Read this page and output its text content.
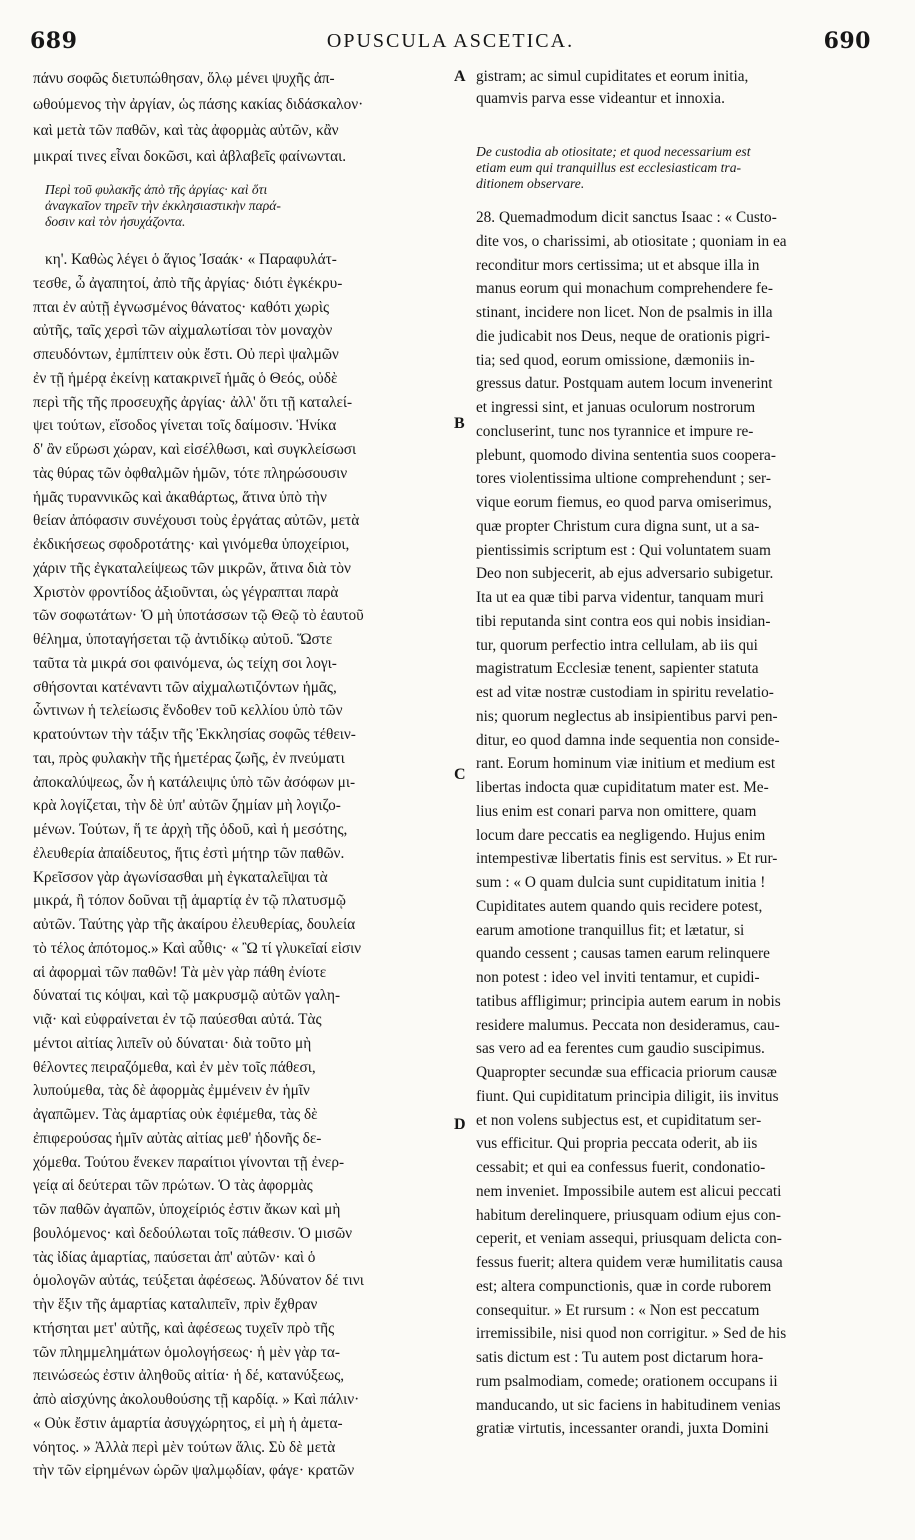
689	OPUSCULA ASCETICA.	690
πάνυ σοφῶς διετυπώθησαν, ὅλῳ μένει ψυχῆς ἀπ-
ωθούμενος τὴν ἀργίαν, ὡς πάσης κακίας διδάσκαλον·
καὶ μετὰ τῶν παθῶν, καὶ τὰς ἀφορμὰς αὐτῶν, κἂν
μικραί τινες εἶναι δοκῶσι, καὶ ἀβλαβεῖς φαίνωνται.
Περὶ τοῦ φυλακῆς ἀπὸ τῆς ἀργίας· καὶ ὅτι
ἀναγκαῖον τηρεῖν τὴν ἐκκλησιαστικὴν παρά-
δοσιν καὶ τὸν ἡσυχάζοντα.
κη'. Καθὼς λέγει ὁ ἅγιος Ἰσαάκ· « Παραφυλάτ-
τεσθε, ὦ ἀγαπητοί, ἀπὸ τῆς ἀργίας· διότι ἐγκέκρυ-
πται ἐν αὐτῇ ἐγνωσμένος θάνατος· καθότι χωρὶς
αὐτῆς, ταῖς χερσὶ τῶν αἰχμαλωτίσαι τὸν μοναχὸν
σπευδόντων, ἐμπίπτειν οὐκ ἔστι. Οὐ περὶ ψαλμῶν
ἐν τῇ ἡμέρᾳ ἐκείνῃ κατακρινεῖ ἡμᾶς ὁ Θεός, οὐδὲ
περὶ τῆς τῆς προσευχῆς ἀργίας· ἀλλ' ὅτι τῇ καταλεί-
ψει τούτων, εἴσοδος γίνεται τοῖς δαίμοσιν. Ἡνίκα
δ' ἂν εὕρωσι χώραν, καὶ εἰσέλθωσι, καὶ συγκλείσωσι
τὰς θύρας τῶν ὀφθαλμῶν ἡμῶν, τότε πληρώσουσιν
ἡμᾶς τυραννικῶς καὶ ἀκαθάρτως, ἅτινα ὑπὸ τὴν
θείαν ἀπόφασιν συνέχουσι τοὺς ἐργάτας αὐτῶν, μετὰ
ἐκδικήσεως σφοδροτάτης· καὶ γινόμεθα ὑποχείριοι,
χάριν τῆς ἐγκαταλείψεως τῶν μικρῶν, ἅτινα διὰ τὸν
Χριστὸν φροντίδος ἀξιοῦνται, ὡς γέγραπται παρὰ
τῶν σοφωτάτων· Ὁ μὴ ὑποτάσσων τῷ Θεῷ τὸ ἑαυτοῦ
θέλημα, ὑποταγήσεται τῷ ἀντιδίκῳ αὐτοῦ. Ὥστε
ταῦτα τὰ μικρά σοι φαινόμενα, ὡς τείχη σοι λογι-
σθήσονται κατέναντι τῶν αἰχμαλωτιζόντων ἡμᾶς,
ὧντινων ἡ τελείωσις ἔνδοθεν τοῦ κελλίου ὑπὸ τῶν
κρατούντων τὴν τάξιν τῆς Ἐκκλησίας σοφῶς τέθειν-
ται, πρὸς φυλακὴν τῆς ἡμετέρας ζωῆς, ἐν πνεύματι
ἀποκαλύψεως, ὧν ἡ κατάλειψις ὑπὸ τῶν ἀσόφων μι-
κρὰ λογίζεται, τὴν δὲ ὑπ' αὐτῶν ζημίαν μὴ λογιζο-
μένων. Τούτων, ἥ τε ἀρχὴ τῆς ὁδοῦ, καὶ ἡ μεσότης,
ἐλευθερία ἀπαίδευτος, ἥτις ἐστὶ μήτηρ τῶν παθῶν.
Κρεῖσσον γὰρ ἀγωνίσασθαι μὴ ἐγκαταλεῖψαι τὰ
μικρά, ἢ τόπον δοῦναι τῇ ἁμαρτίᾳ ἐν τῷ πλατυσμῷ
αὐτῶν. Ταύτης γὰρ τῆς ἀκαίρου ἐλευθερίας, δουλεία
τὸ τέλος ἀπότομος.» Καὶ αὖθις· « Ὢ τί γλυκεῖαί εἰσιν
αἱ ἀφορμαὶ τῶν παθῶν! Τὰ μὲν γὰρ πάθη ἐνίοτε
δύναταί τις κόψαι, καὶ τῷ μακρυσμῷ αὐτῶν γαλη-
νιᾷ· καὶ εὐφραίνεται ἐν τῷ παύεσθαι αὐτά. Τὰς
μέντοι αἰτίας λιπεῖν οὐ δύναται· διὰ τοῦτο μὴ
θέλοντες πειραζόμεθα, καὶ ἐν μὲν τοῖς πάθεσι,
λυπούμεθα, τὰς δὲ ἀφορμὰς ἐμμένειν ἐν ἡμῖν
ἀγαπῶμεν. Τὰς ἁμαρτίας οὐκ ἐφιέμεθα, τὰς δὲ
ἐπιφερούσας ἡμῖν αὐτὰς αἰτίας μεθ' ἡδονῆς δε-
χόμεθα. Τούτου ἕνεκεν παραίτιοι γίνονται τῇ ἐνερ-
γείᾳ αἱ δεύτεραι τῶν πρώτων. Ὁ τὰς ἀφορμὰς
τῶν παθῶν ἀγαπῶν, ὑποχείριός ἐστιν ἄκων καὶ μὴ
βουλόμενος· καὶ δεδούλωται τοῖς πάθεσιν. Ὁ μισῶν
τὰς ἰδίας ἁμαρτίας, παύσεται ἀπ' αὐτῶν· καὶ ὁ
ὁμολογῶν αὐτάς, τεύξεται ἀφέσεως. Ἀδύνατον δέ τινι
τὴν ἕξιν τῆς ἁμαρτίας καταλιπεῖν, πρὶν ἔχθραν
κτήσηται μετ' αὐτῆς, καὶ ἀφέσεως τυχεῖν πρὸ τῆς
τῶν πλημμελημάτων ὁμολογήσεως· ἡ μὲν γὰρ τα-
πεινώσεώς ἐστιν ἀληθοῦς αἰτία· ἡ δέ, κατανύξεως,
ἀπὸ αἰσχύνης ἀκολουθούσης τῇ καρδίᾳ. » Καὶ πάλιν·
« Οὐκ ἔστιν ἁμαρτία ἀσυγχώρητος, εἰ μὴ ἡ ἀμετα-
νόητος. » Ἀλλὰ περὶ μὲν τούτων ἅλις. Σὺ δὲ μετὰ
τὴν τῶν εἰρημένων ὡρῶν ψαλμῳδίαν, φάγε· κρατῶν
gistram; ac simul cupiditates et eorum initia,
quamvis parva esse videantur et innoxia.
De custodia ab otiositate; et quod necessarium est
etiam eum qui tranquillus est ecclesiasticam tra-
ditionem observare.
28. Quemadmodum dicit sanctus Isaac : « Custo-
dite vos, o charissimi, ab otiositate ; quoniam in ea
reconditur mors certissima; ut et absque illa in
manus eorum qui monachum comprehendere fe-
stinant, incidere non licet. Non de psalmis in illa
die judicabit nos Deus, neque de orationis pigri-
tia; sed quod, eorum omissione, dæmoniis in-
gressus datur. Postquam autem locum invenerint
et ingressi sint, et januas oculorum nostrorum
concluserint, tunc nos tyrannice et impure re-
plebunt, quomodo divina sententia suos coopera-
tores violentissima ultione comprehendunt ; ser-
vique eorum fiemus, eo quod parva omiserimus,
quæ propter Christum cura digna sunt, ut a sa-
pientissimis scriptum est : Qui voluntatem suam
Deo non subjecerit, ab ejus adversario subigetur.
Ita ut ea quæ tibi parva videntur, tanquam muri
tibi reputanda sint contra eos qui nobis insidian-
tur, quorum perfectio intra cellulam, ab iis qui
magistratum Ecclesiæ tenent, sapienter statuta
est ad vitæ nostræ custodiam in spiritu revelatio-
nis; quorum neglectus ab insipientibus parvi pen-
ditur, eo quod damna inde sequentia non conside-
rant. Eorum hominum viæ initium et medium est
libertas indocta quæ cupiditatum mater est. Me-
lius enim est conari parva non omittere, quam
locum dare peccatis ea negligendo. Hujus enim
intempestivæ libertatis finis est servitus. » Et rur-
sum : « O quam dulcia sunt cupiditatum initia !
Cupiditates autem quando quis recidere potest,
earum amotione tranquillus fit; et lætatur, si
quando cessent ; causas tamen earum relinquere
non potest : ideo vel inviti tentamur, et cupidi-
tatibus affligimur; principia autem earum in nobis
residere malumus. Peccata non desideramus, cau-
sas vero ad ea ferentes cum gaudio suscipimus.
Quapropter secundæ sua efficacia priorum causæ
fiunt. Qui cupiditatum principia diligit, iis invitus
et non volens subjectus est, et cupiditatum ser-
vus efficitur. Qui propria peccata oderit, ab iis
cessabit; et qui ea confessus fuerit, condonatio-
nem inveniet. Impossibile autem est alicui peccati
habitum derelinquere, priusquam odium ejus con-
ceperit, et veniam assequi, priusquam delicta con-
fessus fuerit; altera quidem veræ humilitatis causa
est; altera compunctionis, quæ in corde ruborem
consequitur. » Et rursum : « Non est peccatum
irremissibile, nisi quod non corrigitur. » Sed de his
satis dictum est : Tu autem post dictarum hora-
rum psalmodiam, comede; orationem occupans ii
manducando, ut sic faciens in habitudinem venias
gratiæ virtutis, incessanter orandi, juxta Domini
A
B
C
D
